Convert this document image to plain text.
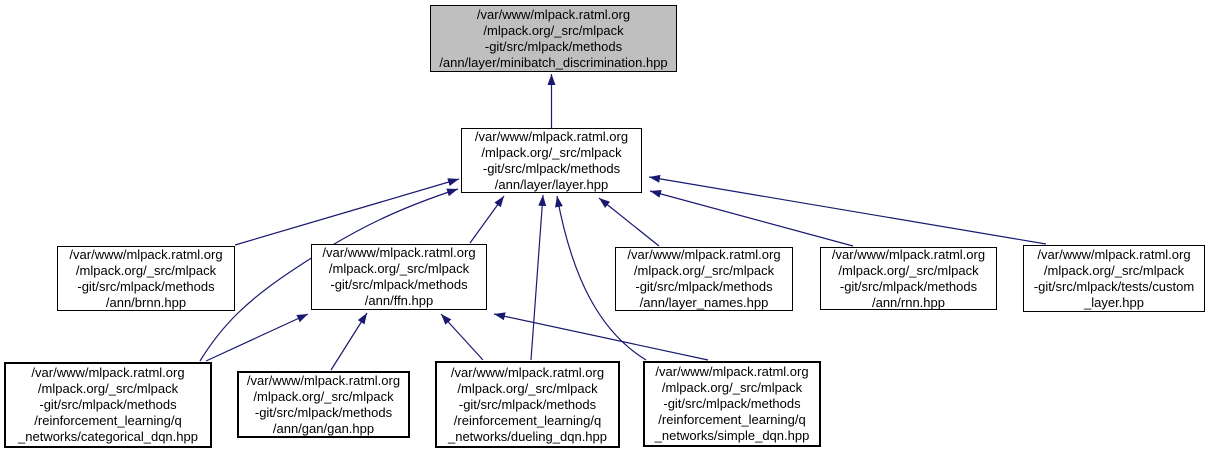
/var/www/mlpack.ratml.org
/mlpack.org/_src/mlpack
-git/src/mlpack/methods
/ann/layer/minibatch_discrimination.hpp
/var/www/mlpack.ratml.org
/mlpack.org/_src/mlpack
-git/src/mlpack/methods
/ann/layer/layer.hpp
/var/www/mlpack.ratml.org
/mlpack.org/_src/mlpack
-git/src/mlpack/methods
/ann/brnn.hpp
/var/www/mlpack.ratml.org
/mlpack.org/_src/mlpack
-git/src/mlpack/methods
/ann/ffn.hpp
/var/www/mlpack.ratml.org
/mlpack.org/_src/mlpack
-git/src/mlpack/methods
/ann/layer_names.hpp
/var/www/mlpack.ratml.org
/mlpack.org/_src/mlpack
-git/src/mlpack/methods
/ann/rnn.hpp
/var/www/mlpack.ratml.org
/mlpack.org/_src/mlpack
-git/src/mlpack/tests/custom
_layer.hpp
/var/www/mlpack.ratml.org
/mlpack.org/_src/mlpack
-git/src/mlpack/methods
/reinforcement_learning/q
_networks/categorical_dqn.hpp
/var/www/mlpack.ratml.org
/mlpack.org/_src/mlpack
-git/src/mlpack/methods
/ann/gan/gan.hpp
/var/www/mlpack.ratml.org
/mlpack.org/_src/mlpack
-git/src/mlpack/methods
/reinforcement_learning/q
_networks/dueling_dqn.hpp
/var/www/mlpack.ratml.org
/mlpack.org/_src/mlpack
-git/src/mlpack/methods
/reinforcement_learning/q
_networks/simple_dqn.hpp
